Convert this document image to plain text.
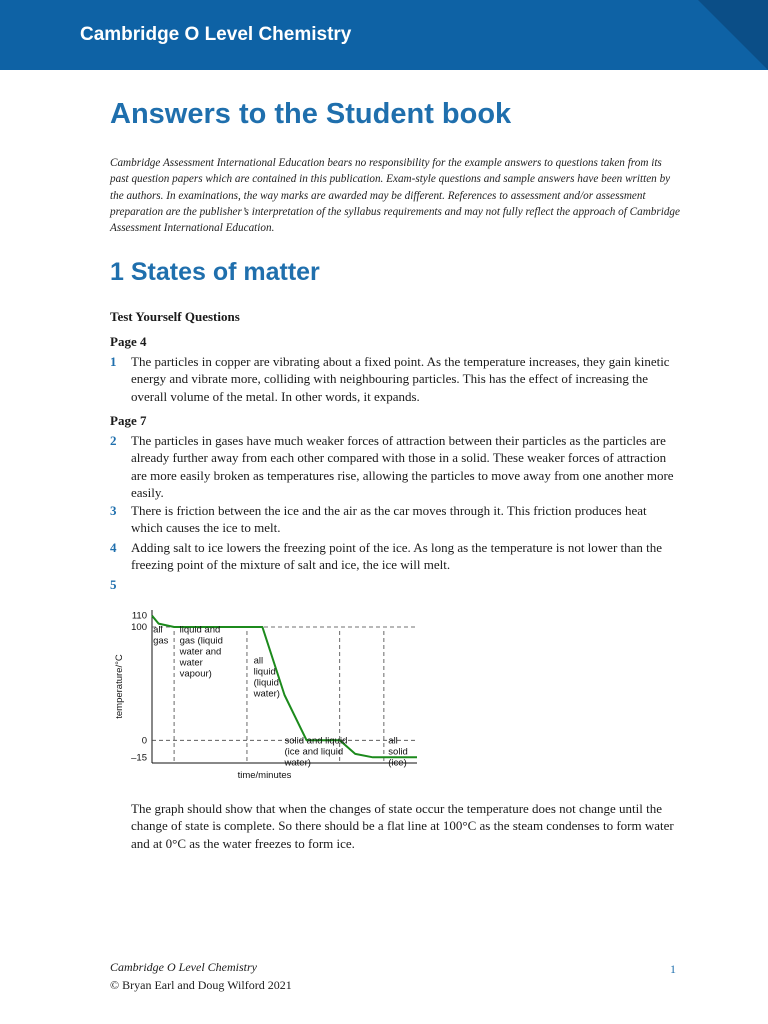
Cambridge O Level Chemistry
Answers to the Student book
Cambridge Assessment International Education bears no responsibility for the example answers to questions taken from its past question papers which are contained in this publication. Exam-style questions and sample answers have been written by the authors. In examinations, the way marks are awarded may be different. References to assessment and/or assessment preparation are the publisher’s interpretation of the syllabus requirements and may not fully reflect the approach of Cambridge Assessment International Education.
1 States of matter
Test Yourself Questions
Page 4
1 The particles in copper are vibrating about a fixed point. As the temperature increases, they gain kinetic energy and vibrate more, colliding with neighbouring particles. This has the effect of increasing the overall volume of the metal. In other words, it expands.
Page 7
2 The particles in gases have much weaker forces of attraction between their particles as the particles are already further away from each other compared with those in a solid. These weaker forces of attraction are more easily broken as temperatures rise, allowing the particles to move away from one another more easily.
3 There is friction between the ice and the air as the car moves through it. This friction produces heat which causes the ice to melt.
4 Adding salt to ice lowers the freezing point of the ice. As long as the temperature is not lower than the freezing point of the mixture of salt and ice, the ice will melt.
5
110
100
0
–15
all gas
liquid and gas (liquid water and water vapour)
all liquid (liquid water)
solid and liquid (ice and liquid water)
all solid (ice)
time/minutes
temperature/°C
The graph should show that when the changes of state occur the temperature does not change until the change of state is complete. So there should be a flat line at 100°C as the steam condenses to form water and at 0°C as the water freezes to form ice.
Cambridge O Level Chemistry
© Bryan Earl and Doug Wilford 2021
1
